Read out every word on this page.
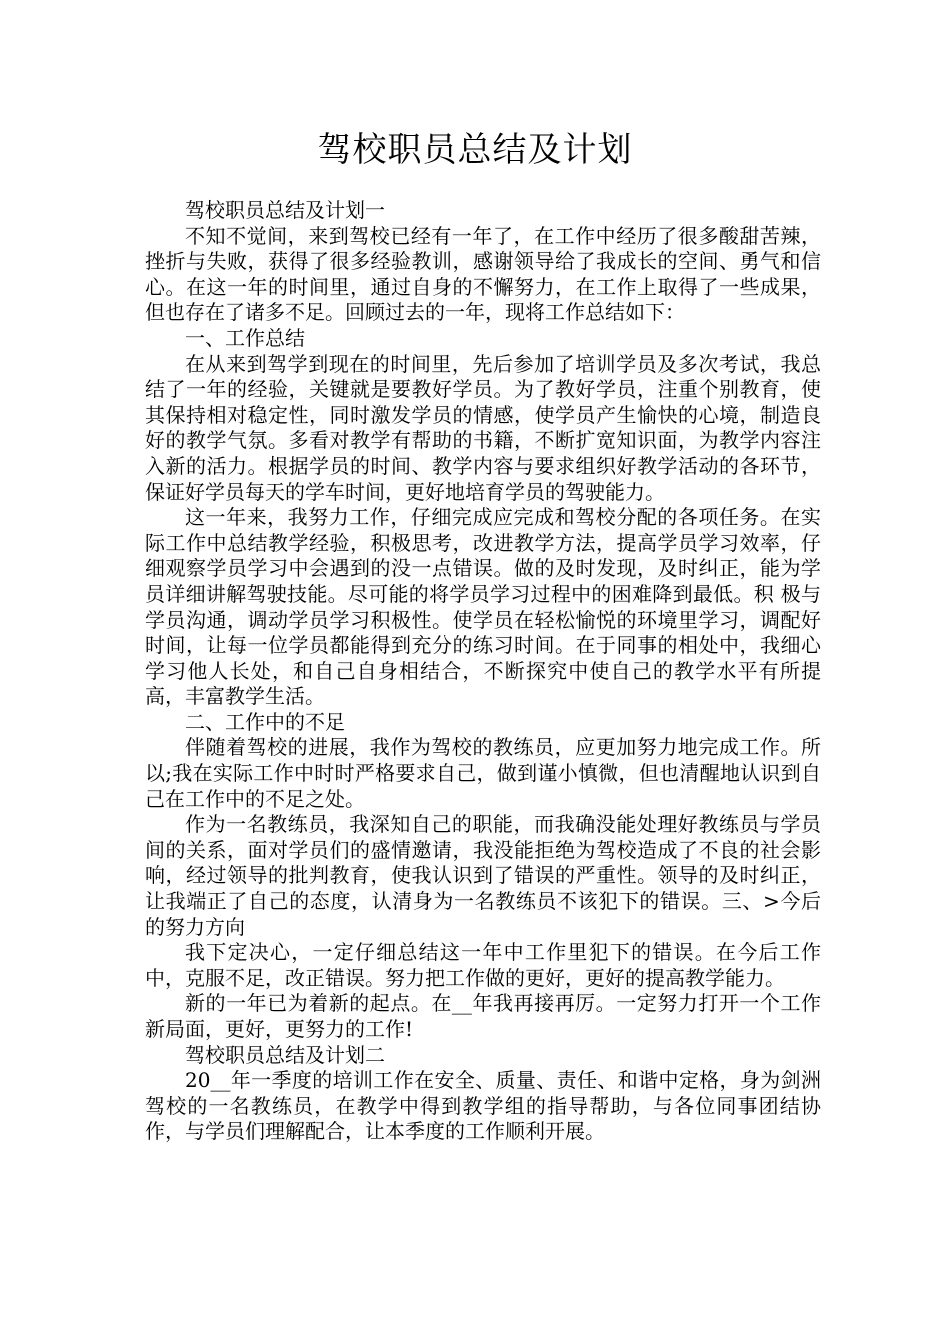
驾校职员总结及计划

驾校职员总结及计划一

不知不觉间，来到驾校已经有一年了，在工作中经历了很多酸甜苦辣，挫折与失败，获得了很多经验教训，感谢领导给了我成长的空间、勇气和信心。在这一年的时间里，通过自身的不懈努力，在工作上取得了一些成果，但也存在了诸多不足。回顾过去的一年，现将工作总结如下：

一、工作总结

在从来到驾学到现在的时间里，先后参加了培训学员及多次考试，我总结了一年的经验，关键就是要教好学员。为了教好学员，注重个别教育，使其保持相对稳定性，同时激发学员的情感，使学员产生愉快的心境，制造良好的教学气氛。多看对教学有帮助的书籍，不断扩宽知识面，为教学内容注入新的活力。根据学员的时间、教学内容与要求组织好教学活动的各环节，保证好学员每天的学车时间，更好地培育学员的驾驶能力。

这一年来，我努力工作，仔细完成应完成和驾校分配的各项任务。在实际工作中总结教学经验，积极思考，改进教学方法，提高学员学习效率，仔细观察学员学习中会遇到的没一点错误。做的及时发现，及时纠正，能为学员详细讲解驾驶技能。尽可能的将学员学习过程中的困难降到最低。积 极与学员沟通，调动学员学习积极性。使学员在轻松愉悦的环境里学习，调配好时间，让每一位学员都能得到充分的练习时间。在于同事的相处中，我细心学习他人长处，和自己自身相结合，不断探究中使自己的教学水平有所提高，丰富教学生活。

二、工作中的不足

伴随着驾校的进展，我作为驾校的教练员，应更加努力地完成工作。所以;我在实际工作中时时严格要求自己，做到谨小慎微，但也清醒地认识到自己在工作中的不足之处。

作为一名教练员，我深知自己的职能，而我确没能处理好教练员与学员间的关系，面对学员们的盛情邀请，我没能拒绝为驾校造成了不良的社会影响，经过领导的批判教育，使我认识到了错误的严重性。领导的及时纠正，让我端正了自己的态度，认清身为一名教练员不该犯下的错误。三、>今后的努力方向

我下定决心，一定仔细总结这一年中工作里犯下的错误。在今后工作中，克服不足，改正错误。努力把工作做的更好，更好的提高教学能力。

新的一年已为着新的起点。在__年我再接再厉。一定努力打开一个工作新局面，更好，更努力的工作!

驾校职员总结及计划二

20__年一季度的培训工作在安全、质量、责任、和谐中定格，身为剑洲驾校的一名教练员，在教学中得到教学组的指导帮助，与各位同事团结协作，与学员们理解配合，让本季度的工作顺利开展。
